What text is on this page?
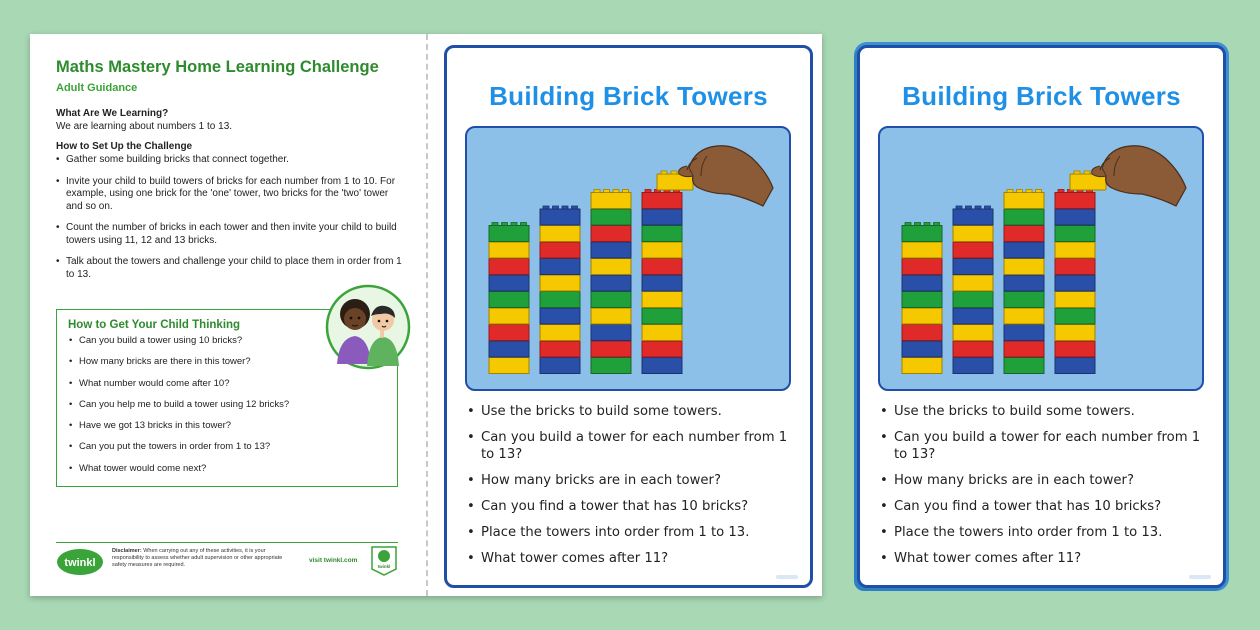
Maths Mastery Home Learning Challenge
Adult Guidance
What Are We Learning?
We are learning about numbers 1 to 13.
How to Set Up the Challenge
• Gather some building bricks that connect together.
• Invite your child to build towers of bricks for each number from 1 to 10. For example, using one brick for the 'one' tower, two bricks for the 'two' tower and so on.
• Count the number of bricks in each tower and then invite your child to build towers using 11, 12 and 13 bricks.
• Talk about the towers and challenge your child to place them in order from 1 to 13.
How to Get Your Child Thinking
• Can you build a tower using 10 bricks?
• How many bricks are there in this tower?
• What number would come after 10?
• Can you help me to build a tower using 12 bricks?
• Have we got 13 bricks in this tower?
• Can you put the towers in order from 1 to 13?
• What tower would come next?
twinkl
Disclaimer: When carrying out any of these activities, it is your responsibility to assess whether adult supervision or other appropriate safety measures are required.
visit twinkl.com
twinkl
Building Brick Towers
• Use the bricks to build some towers.
• Can you build a tower for each number from 1 to 13?
• How many bricks are in each tower?
• Can you find a tower that has 10 bricks?
• Place the towers into order from 1 to 13.
• What tower comes after 11?
Building Brick Towers
• Use the bricks to build some towers.
• Can you build a tower for each number from 1 to 13?
• How many bricks are in each tower?
• Can you find a tower that has 10 bricks?
• Place the towers into order from 1 to 13.
• What tower comes after 11?
